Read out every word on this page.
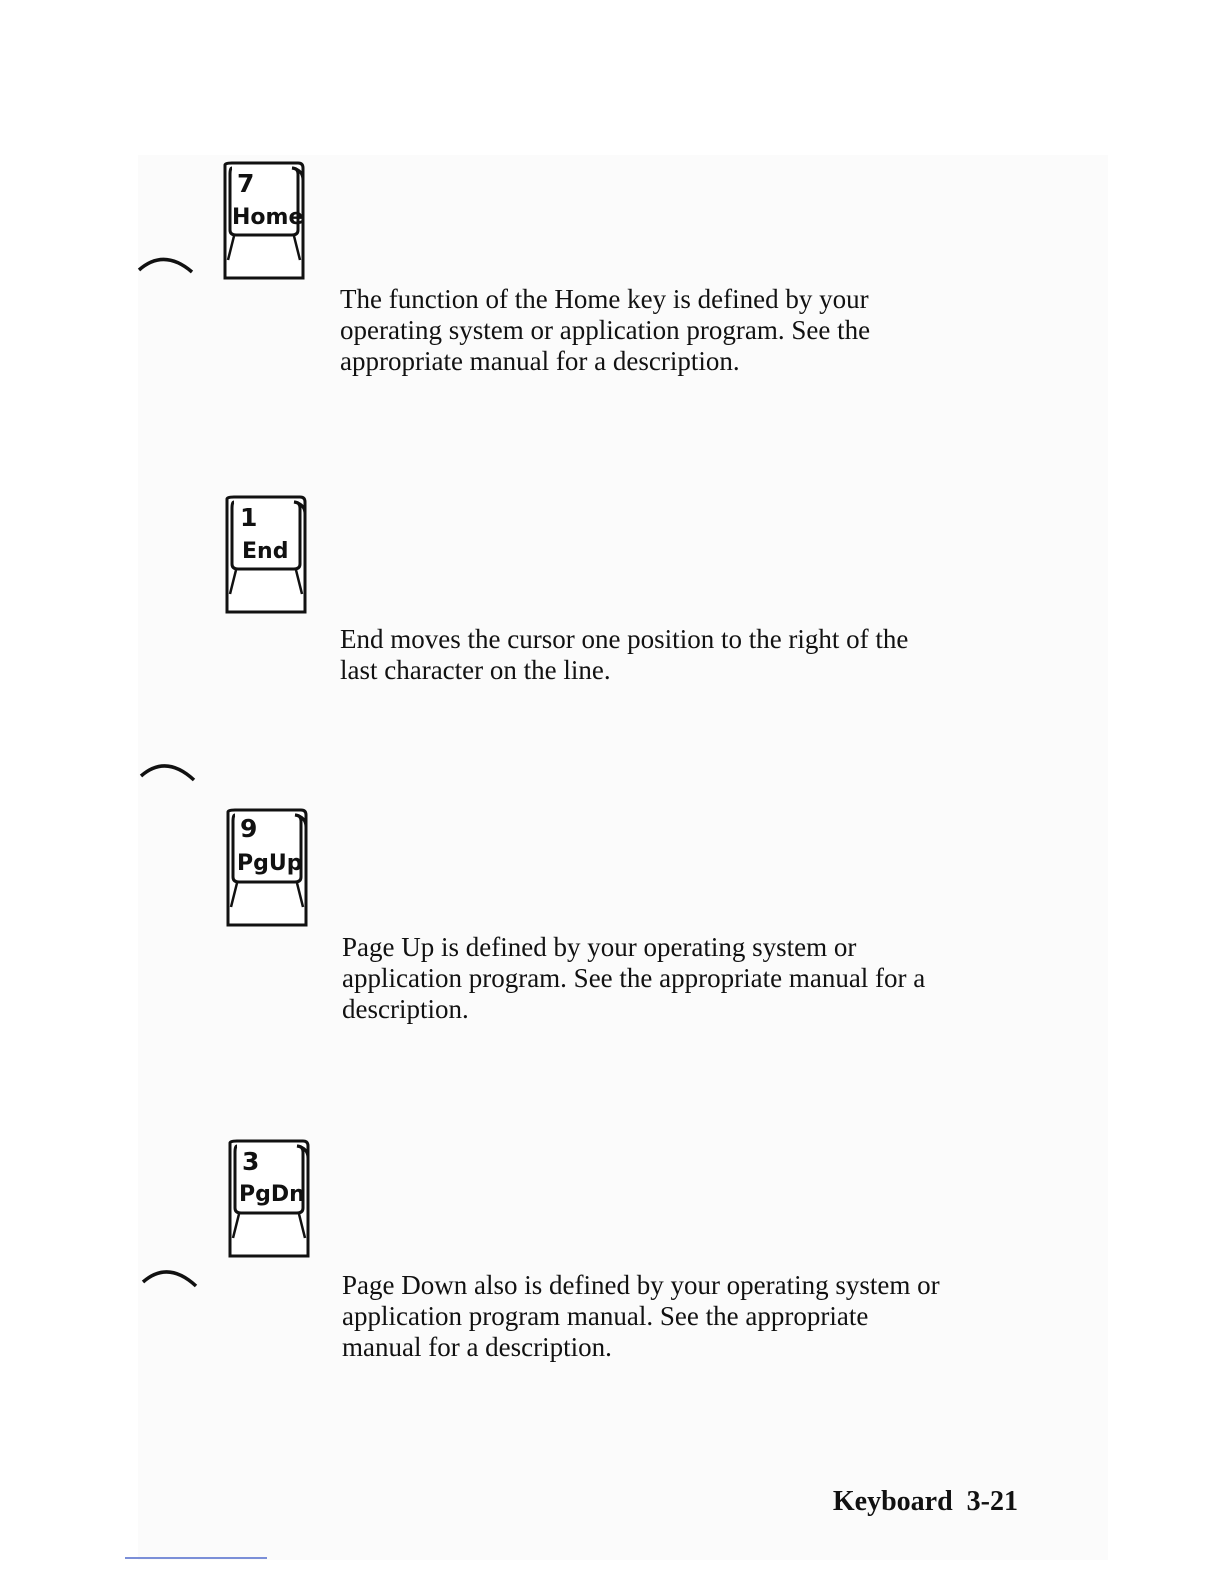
7
Home
1
End
9
PgUp
3
PgDn

The function of the Home key is defined by your
operating system or application program. See the
appropriate manual for a description.

End moves the cursor one position to the right of the
last character on the line.

Page Up is defined by your operating system or
application program. See the appropriate manual for a
description.

Page Down also is defined by your operating system or
application program manual. See the appropriate
manual for a description.

Keyboard 3-21
